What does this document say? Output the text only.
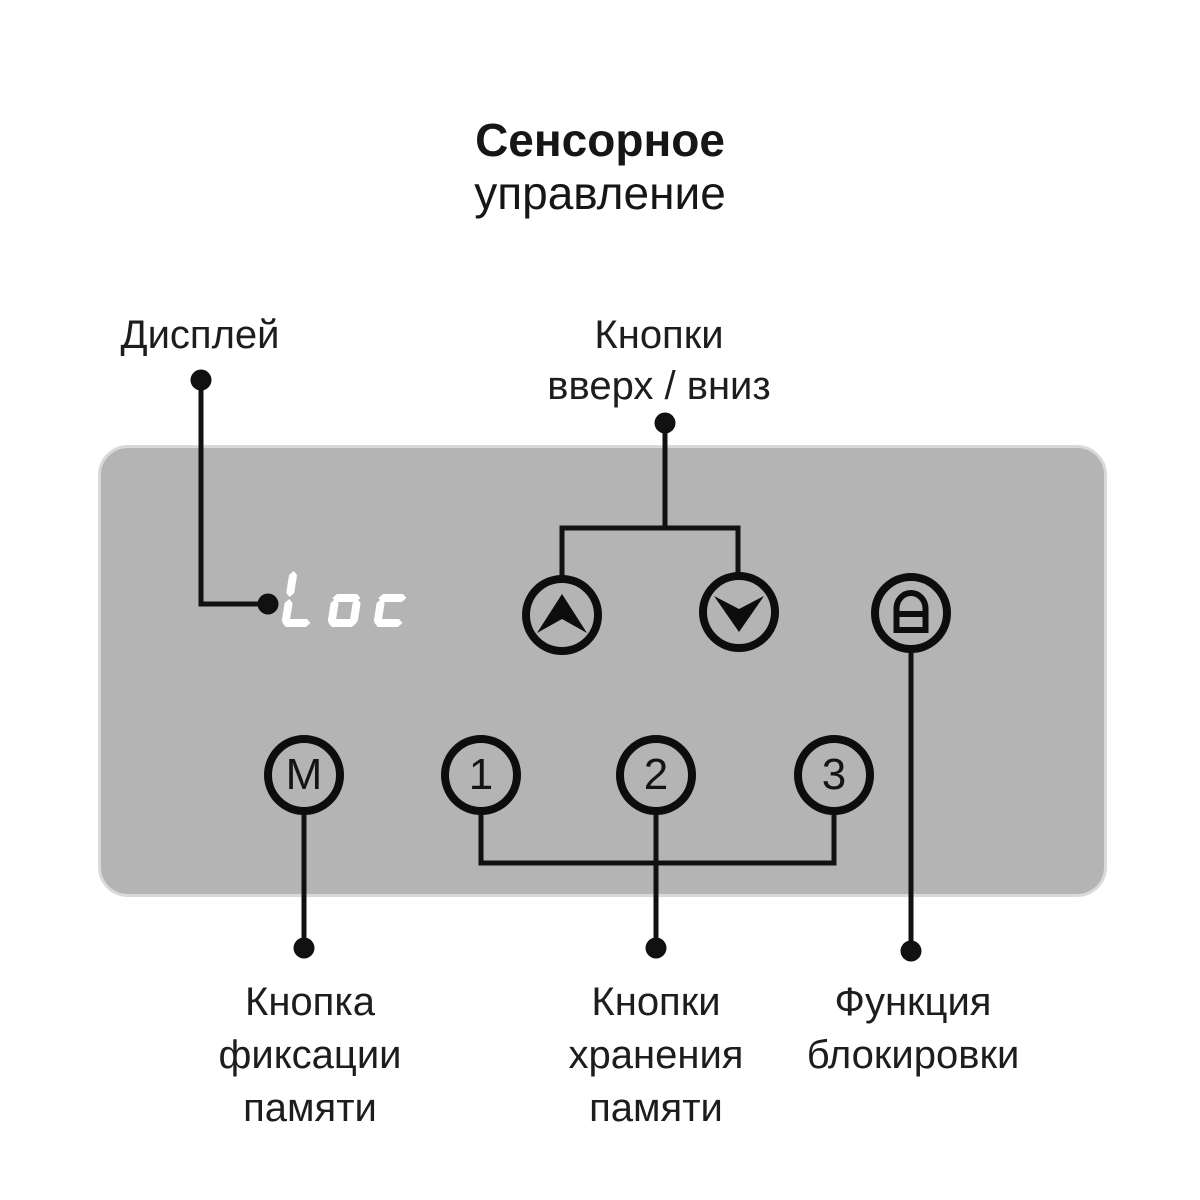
Сенсорное
управление
Дисплей	Кнопки
вверх / вниз
M	1	2	3
Кнопка
фиксации
памяти
Кнопки
хранения
памяти
Функция
блокировки
